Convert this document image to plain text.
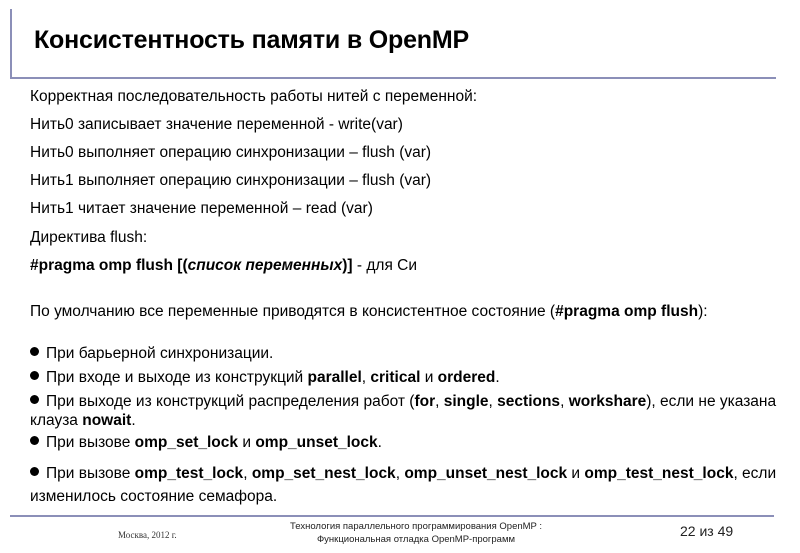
Консистентность памяти в OpenMP
Корректная последовательность работы нитей с переменной:
Нить0 записывает значение переменной - write(var)
Нить0 выполняет операцию синхронизации – flush (var)
Нить1 выполняет операцию синхронизации – flush (var)
Нить1 читает значение переменной – read (var)
Директива flush:
#pragma omp flush [(список переменных)] - для Си
По умолчанию все переменные приводятся в консистентное состояние (#pragma omp flush):
При барьерной синхронизации.
При входе и выходе из конструкций parallel, critical и ordered.
При выходе из конструкций распределения работ (for, single, sections, workshare), если не указана клауза nowait.
При вызове omp_set_lock и omp_unset_lock.
При вызове omp_test_lock, omp_set_nest_lock, omp_unset_nest_lock и omp_test_nest_lock, если изменилось состояние семафора.
Москва, 2012 г.
Технология параллельного программирования OpenMP :
Функциональная отладка OpenMP-программ
22 из 49
